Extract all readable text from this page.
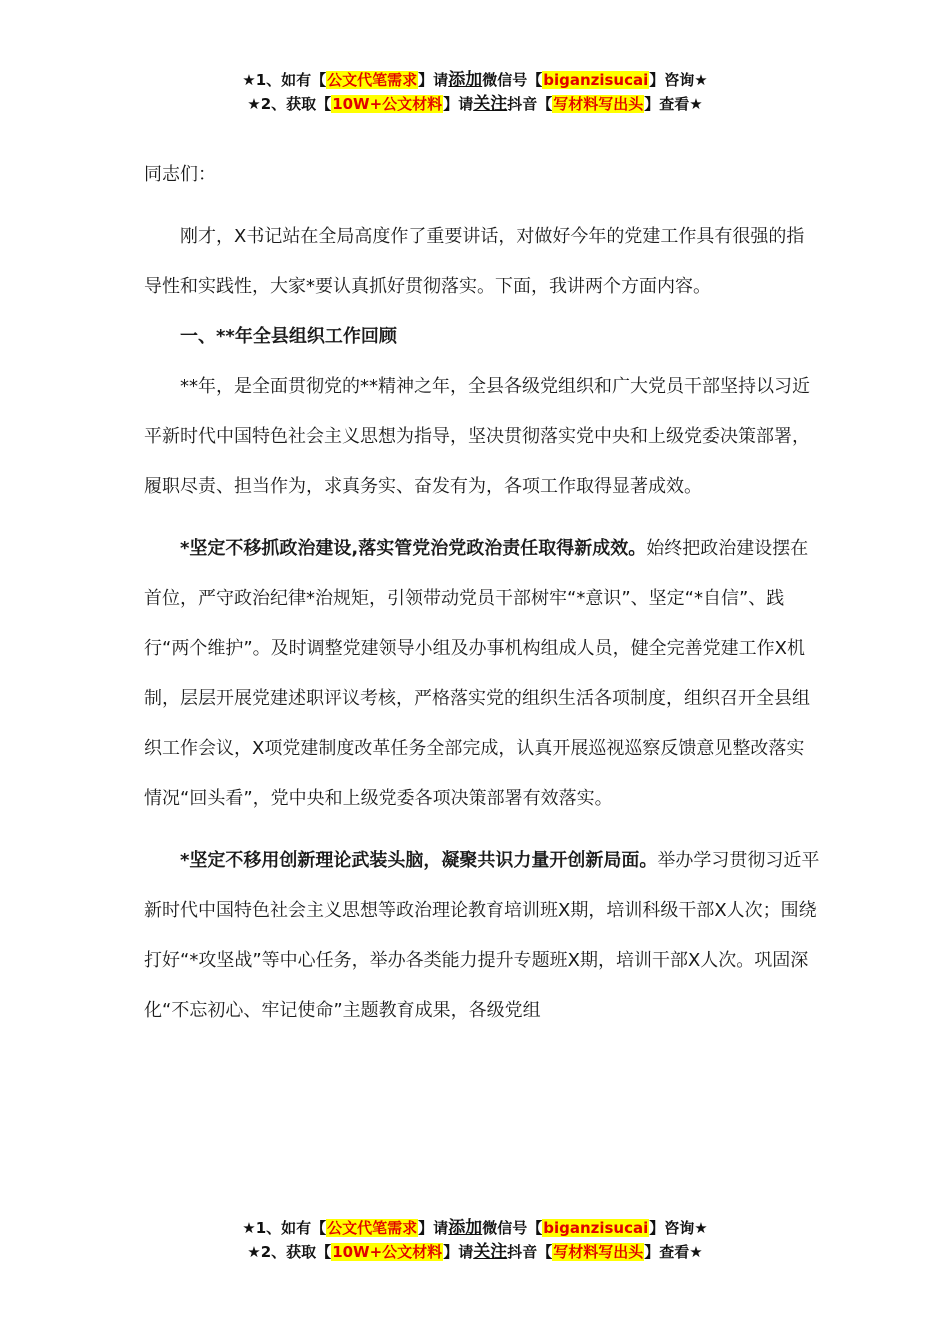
★1、如有【公文代笔需求】请添加微信号【biganzisucai】咨询★
★2、获取【10W+公文材料】请关注抖音【写材料写出头】查看★

同志们：

刚才，X书记站在全局高度作了重要讲话，对做好今年的党建工作具有很强的指导性和实践性，大家*要认真抓好贯彻落实。下面，我讲两个方面内容。

一、**年全县组织工作回顾

**年，是全面贯彻党的**精神之年，全县各级党组织和广大党员干部坚持以习近平新时代中国特色社会主义思想为指导，坚决贯彻落实党中央和上级党委决策部署，履职尽责、担当作为，求真务实、奋发有为，各项工作取得显著成效。

*坚定不移抓政治建设,落实管党治党政治责任取得新成效。始终把政治建设摆在首位，严守政治纪律*治规矩，引领带动党员干部树牢“*意识”、坚定“*自信”、践行“两个维护”。及时调整党建领导小组及办事机构组成人员，健全完善党建工作X机制，层层开展党建述职评议考核，严格落实党的组织生活各项制度，组织召开全县组织工作会议，X项党建制度改革任务全部完成，认真开展巡视巡察反馈意见整改落实情况“回头看”，党中央和上级党委各项决策部署有效落实。

*坚定不移用创新理论武装头脑，凝聚共识力量开创新局面。举办学习贯彻习近平新时代中国特色社会主义思想等政治理论教育培训班X期，培训科级干部X人次；围绕打好“*攻坚战”等中心任务，举办各类能力提升专题班X期，培训干部X人次。巩固深化“不忘初心、牢记使命”主题教育成果，各级党组

★1、如有【公文代笔需求】请添加微信号【biganzisucai】咨询★
★2、获取【10W+公文材料】请关注抖音【写材料写出头】查看★
